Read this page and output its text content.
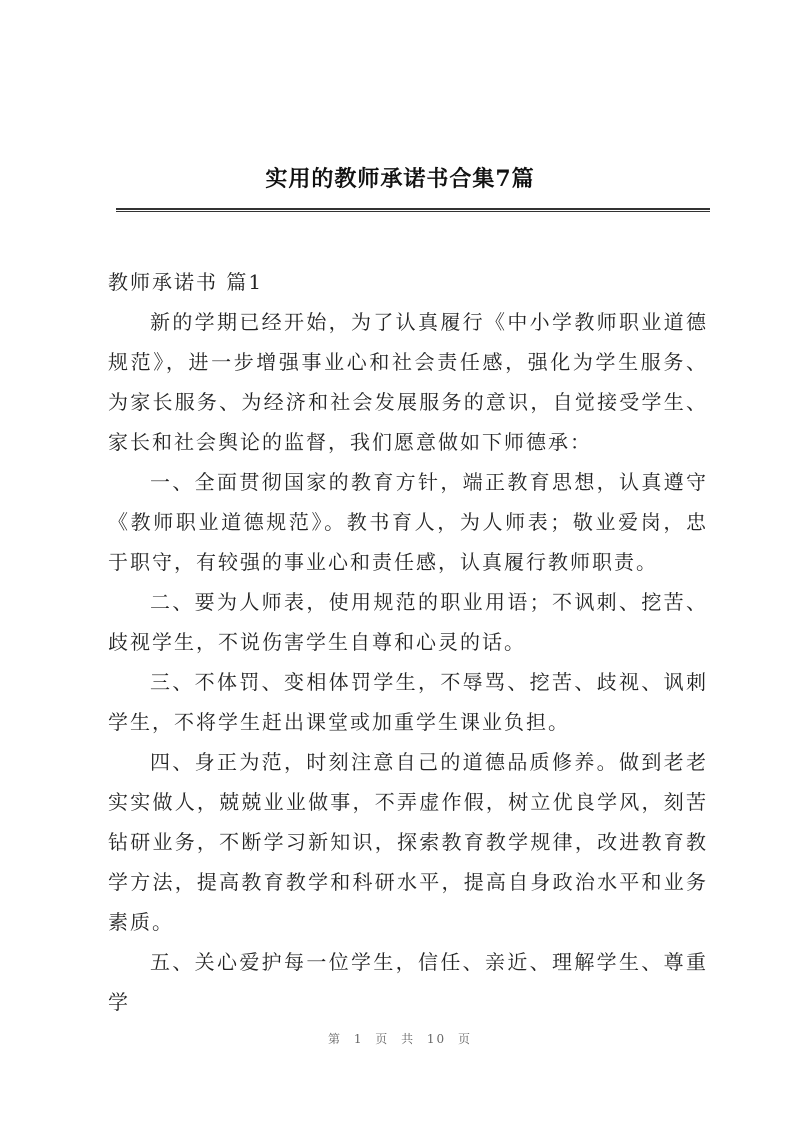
实用的教师承诺书合集7篇

教师承诺书 篇1

新的学期已经开始，为了认真履行《中小学教师职业道德规范》，进一步增强事业心和社会责任感，强化为学生服务、为家长服务、为经济和社会发展服务的意识，自觉接受学生、家长和社会舆论的监督，我们愿意做如下师德承：

一、全面贯彻国家的教育方针，端正教育思想，认真遵守《教师职业道德规范》。教书育人，为人师表；敬业爱岗，忠于职守，有较强的事业心和责任感，认真履行教师职责。

二、要为人师表，使用规范的职业用语；不讽刺、挖苦、歧视学生，不说伤害学生自尊和心灵的话。

三、不体罚、变相体罚学生，不辱骂、挖苦、歧视、讽刺学生，不将学生赶出课堂或加重学生课业负担。

四、身正为范，时刻注意自己的道德品质修养。做到老老实实做人，兢兢业业做事，不弄虚作假，树立优良学风，刻苦钻研业务，不断学习新知识，探索教育教学规律，改进教育教学方法，提高教育教学和科研水平，提高自身政治水平和业务素质。

五、关心爱护每一位学生，信任、亲近、理解学生、尊重学

第 1 页 共 10 页
